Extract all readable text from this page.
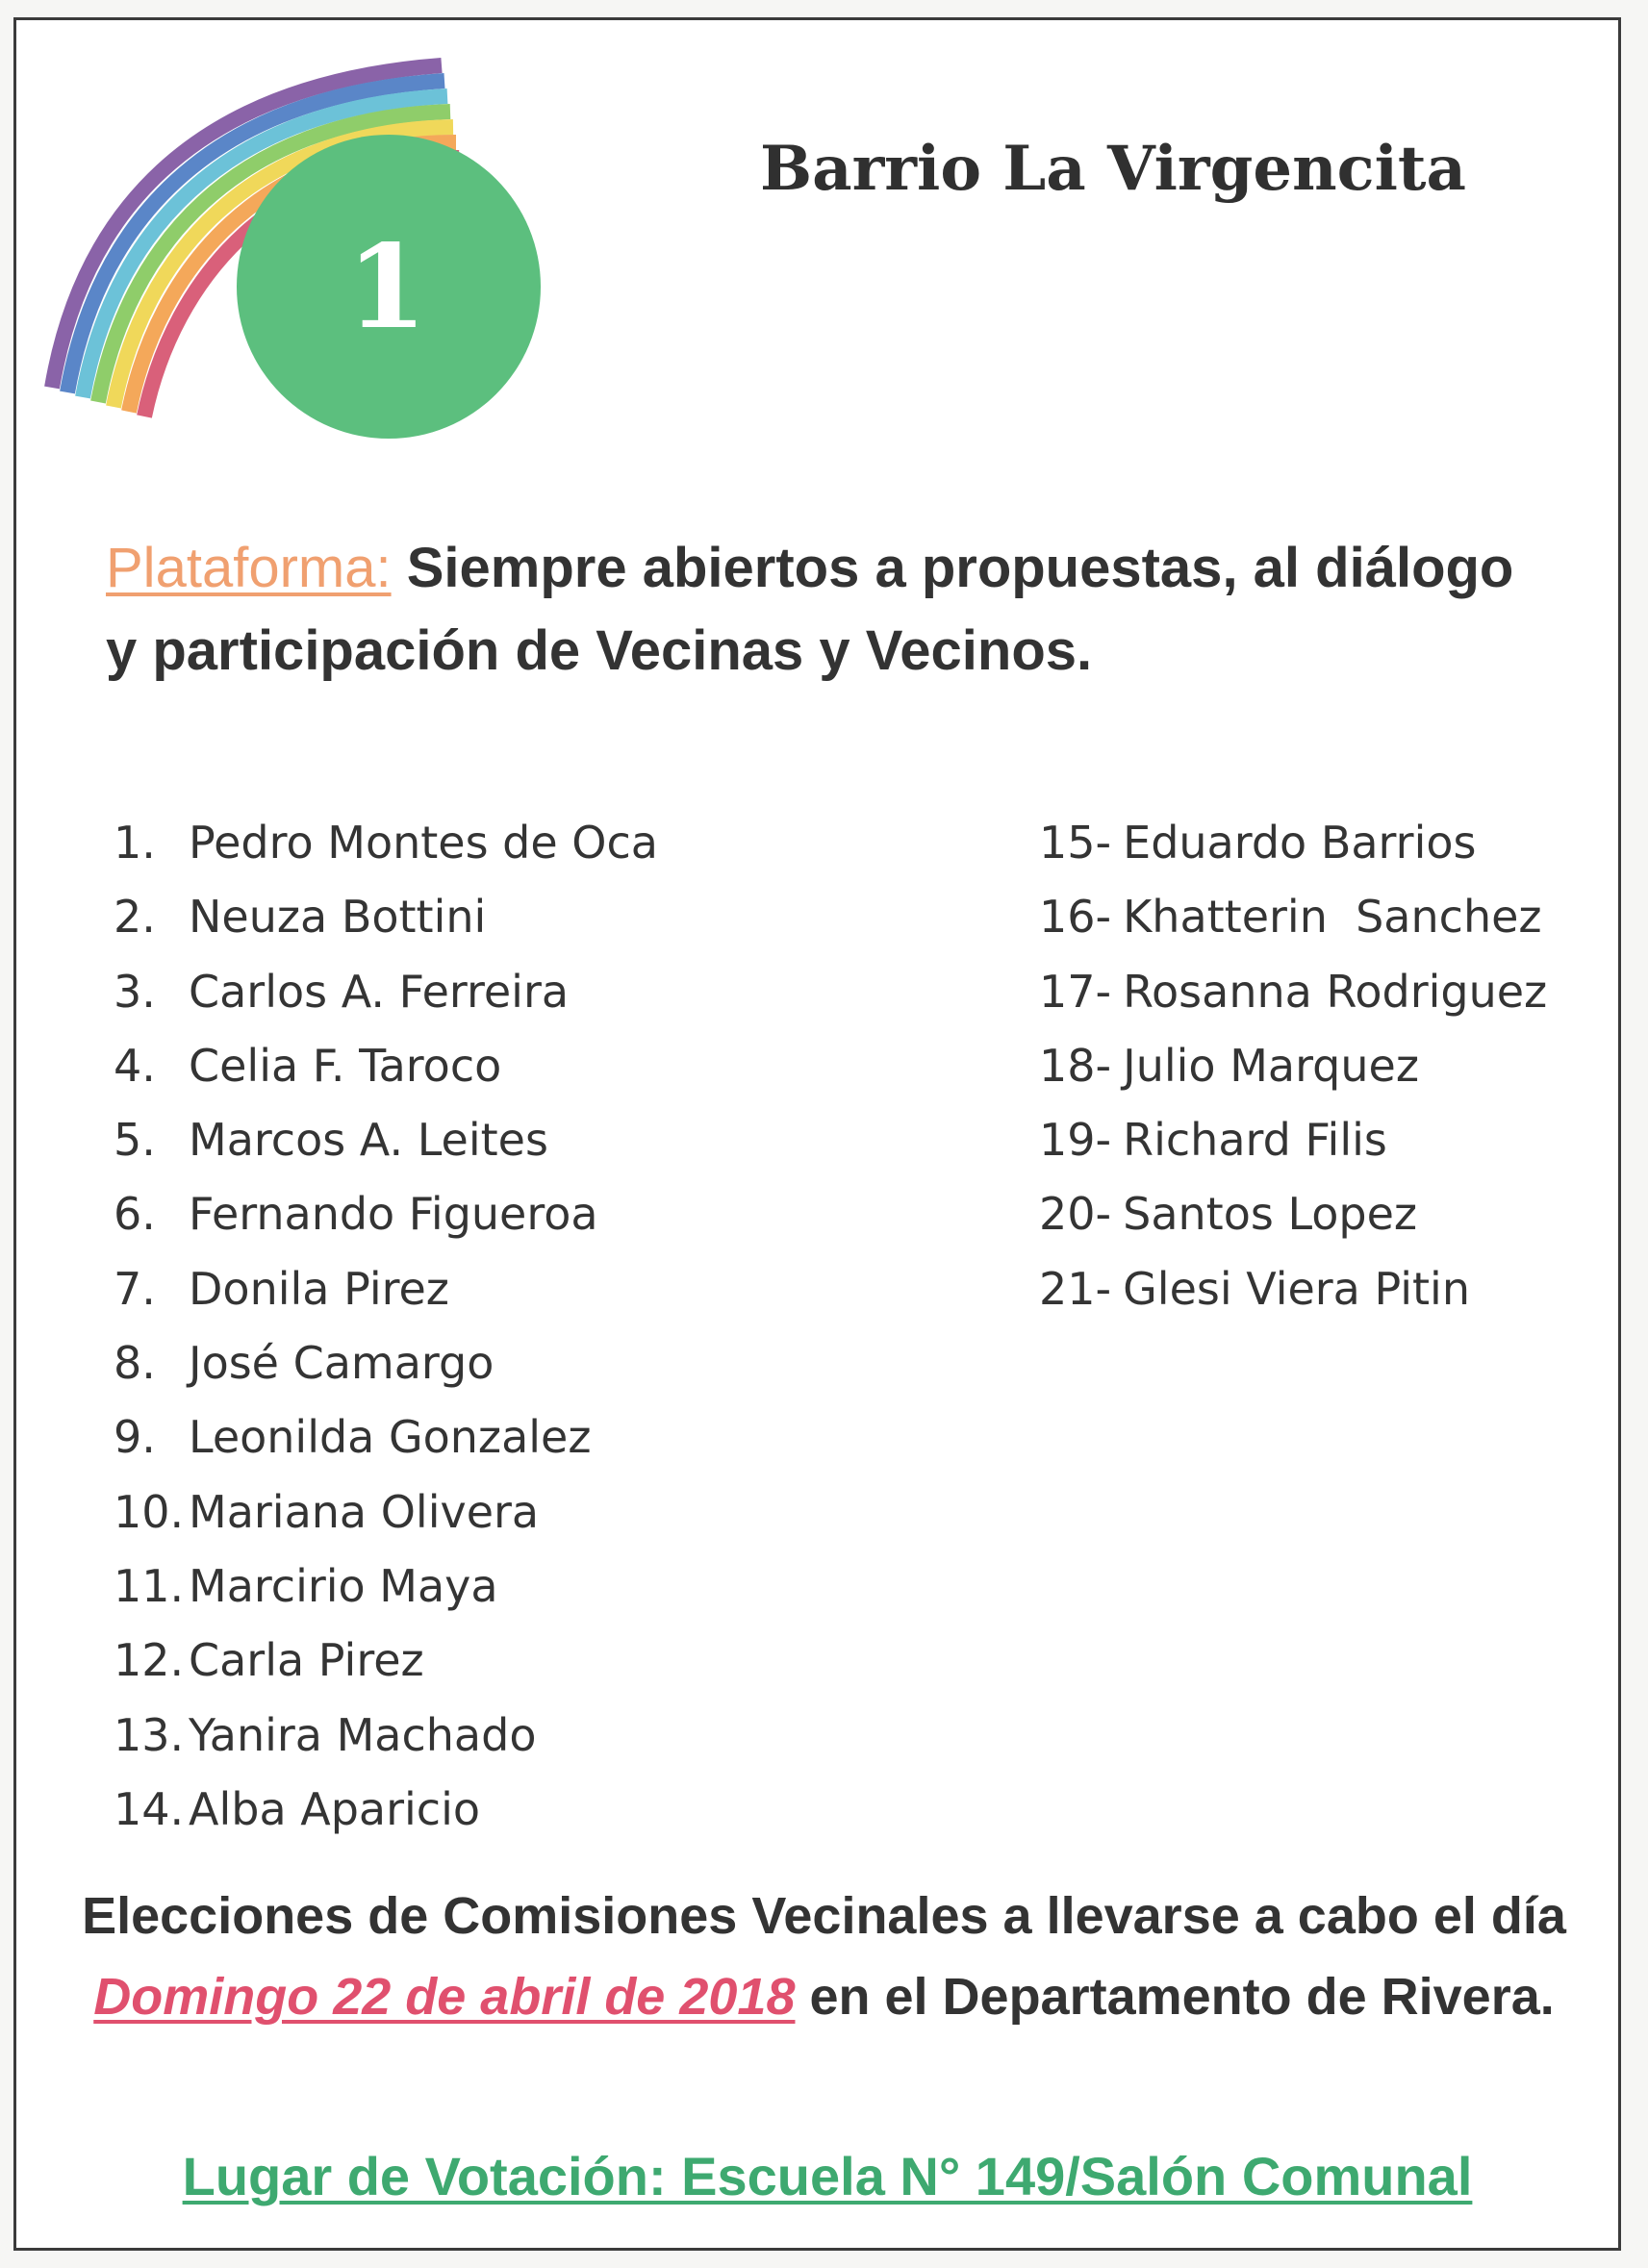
1
Barrio La Virgencita
Plataforma: Siempre abiertos a propuestas, al diálogo y participación de Vecinas y Vecinos.
1. Pedro Montes de Oca
2. Neuza Bottini
3. Carlos A. Ferreira
4. Celia F. Taroco
5. Marcos A. Leites
6. Fernando Figueroa
7. Donila Pirez
8. José Camargo
9. Leonilda Gonzalez
10. Mariana Olivera
11. Marcirio Maya
12. Carla Pirez
13. Yanira Machado
14. Alba Aparicio
15- Eduardo Barrios
16- Khatterin  Sanchez
17- Rosanna Rodriguez
18- Julio Marquez
19- Richard Filis
20- Santos Lopez
21- Glesi Viera Pitin
Elecciones de Comisiones Vecinales a llevarse a cabo el día Domingo 22 de abril de 2018 en el Departamento de Rivera.
Lugar de Votación: Escuela N° 149/Salón Comunal
